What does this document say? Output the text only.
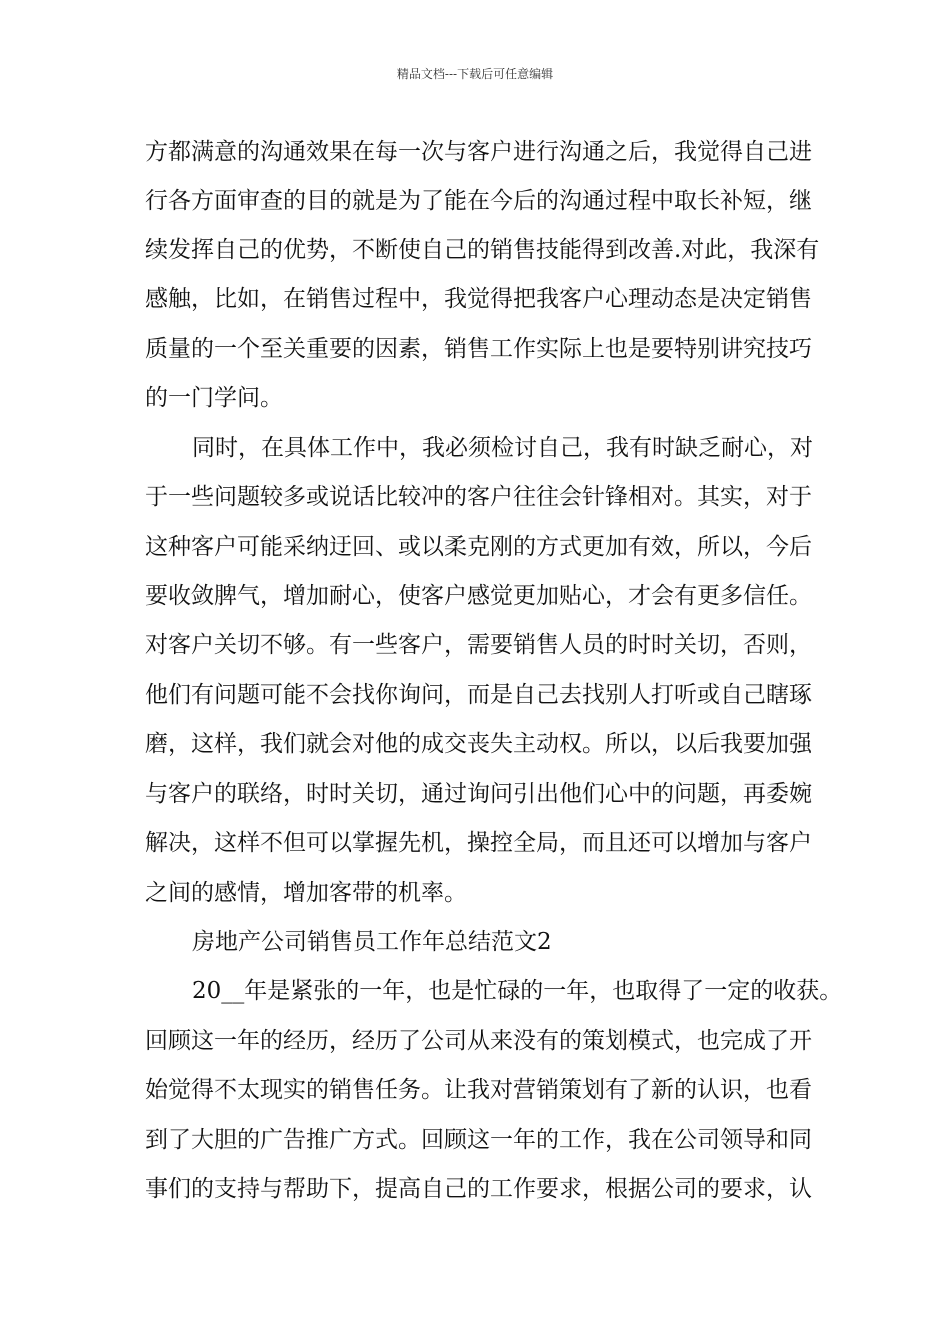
精品文档---下载后可任意编辑
方都满意的沟通效果在每一次与客户进行沟通之后，我觉得自己进
行各方面审查的目的就是为了能在今后的沟通过程中取长补短，继
续发挥自己的优势，不断使自己的销售技能得到改善.对此，我深有
感触，比如，在销售过程中，我觉得把我客户心理动态是决定销售
质量的一个至关重要的因素，销售工作实际上也是要特别讲究技巧
的一门学问。
同时，在具体工作中，我必须检讨自己，我有时缺乏耐心，对
于一些问题较多或说话比较冲的客户往往会针锋相对。其实，对于
这种客户可能采纳迂回、或以柔克刚的方式更加有效，所以，今后
要收敛脾气，增加耐心，使客户感觉更加贴心，才会有更多信任。
对客户关切不够。有一些客户，需要销售人员的时时关切，否则，
他们有问题可能不会找你询问，而是自己去找别人打听或自己瞎琢
磨，这样，我们就会对他的成交丧失主动权。所以，以后我要加强
与客户的联络，时时关切，通过询问引出他们心中的问题，再委婉
解决，这样不但可以掌握先机，操控全局，而且还可以增加与客户
之间的感情，增加客带的机率。
房地产公司销售员工作年总结范文2
20__年是紧张的一年，也是忙碌的一年，也取得了一定的收获。
回顾这一年的经历，经历了公司从来没有的策划模式，也完成了开
始觉得不太现实的销售任务。让我对营销策划有了新的认识，也看
到了大胆的广告推广方式。回顾这一年的工作，我在公司领导和同
事们的支持与帮助下，提高自己的工作要求，根据公司的要求，认
